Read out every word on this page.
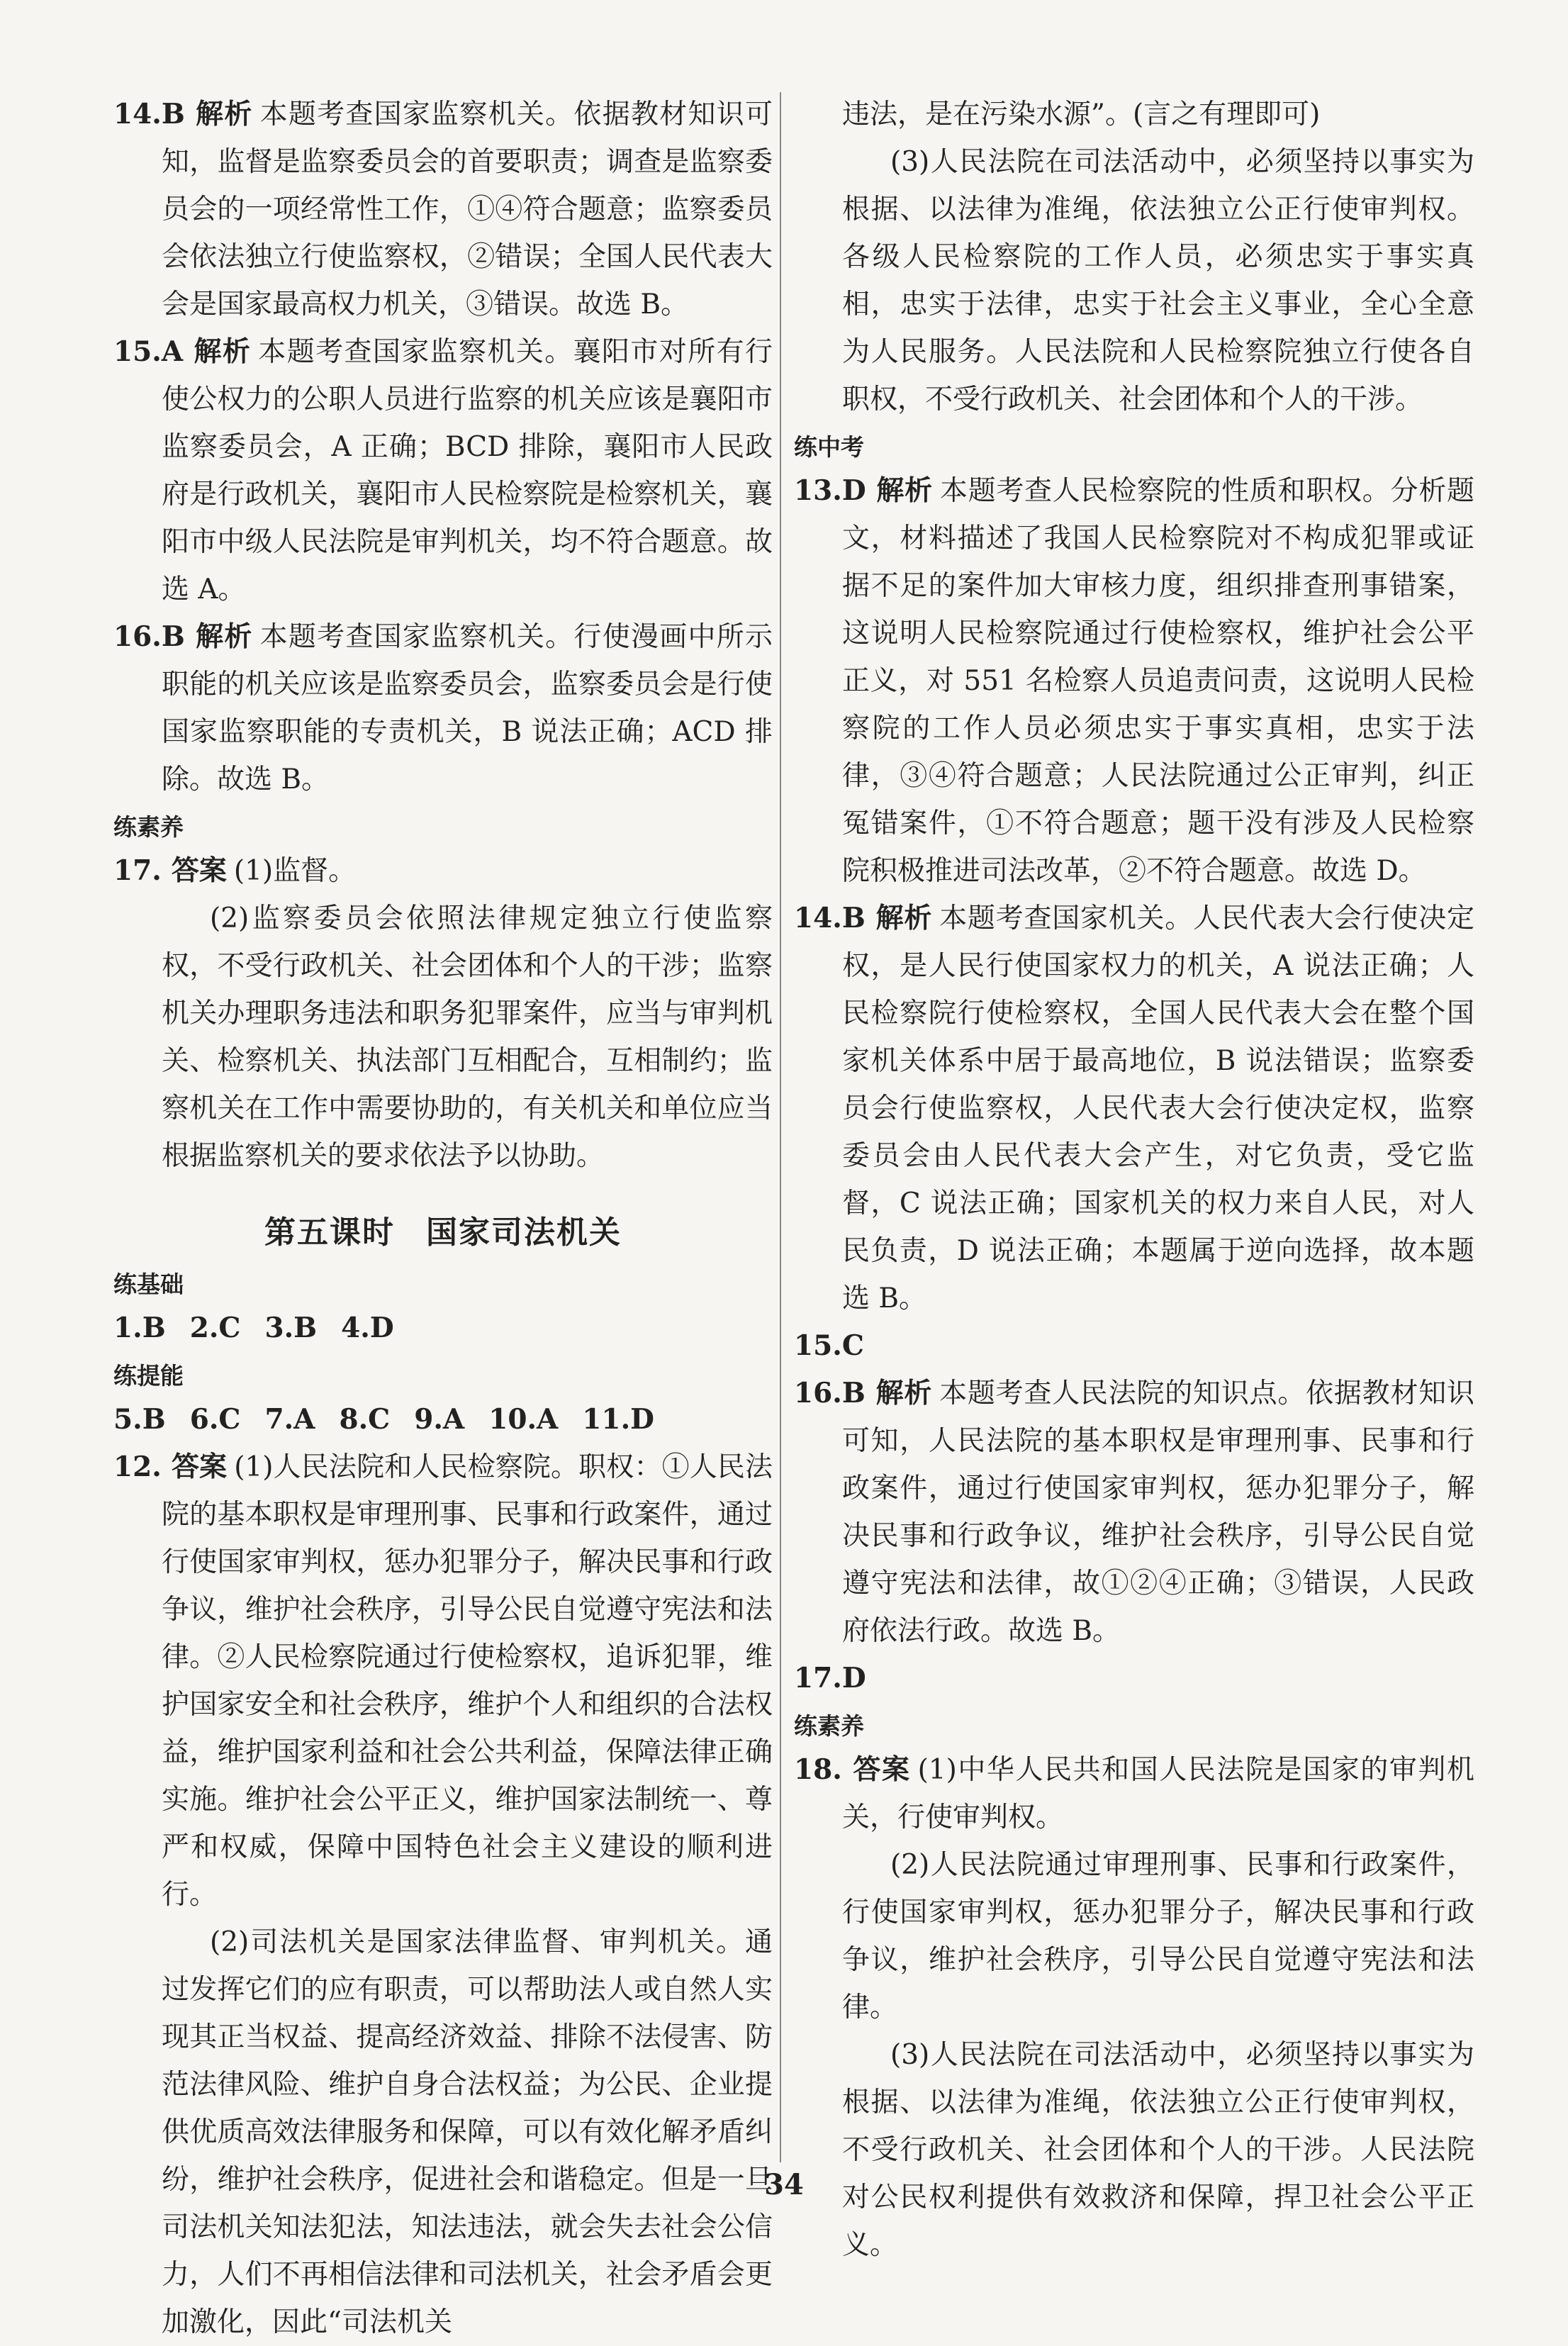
14.B 解析 本题考查国家监察机关。依据教材知识可知，监督是监察委员会的首要职责；调查是监察委员会的一项经常性工作，①④符合题意；监察委员会依法独立行使监察权，②错误；全国人民代表大会是国家最高权力机关，③错误。故选 B。

15.A 解析 本题考查国家监察机关。襄阳市对所有行使公权力的公职人员进行监察的机关应该是襄阳市监察委员会，A 正确；BCD 排除，襄阳市人民政府是行政机关，襄阳市人民检察院是检察机关，襄阳市中级人民法院是审判机关，均不符合题意。故选 A。

16.B 解析 本题考查国家监察机关。行使漫画中所示职能的机关应该是监察委员会，监察委员会是行使国家监察职能的专责机关，B 说法正确；ACD 排除。故选 B。

练素养

17. 答案 (1)监督。

(2)监察委员会依照法律规定独立行使监察权，不受行政机关、社会团体和个人的干涉；监察机关办理职务违法和职务犯罪案件，应当与审判机关、检察机关、执法部门互相配合，互相制约；监察机关在工作中需要协助的，有关机关和单位应当根据监察机关的要求依法予以协助。

第五课时 国家司法机关

练基础

1.B 2.C 3.B 4.D

练提能

5.B 6.C 7.A 8.C 9.A 10.A 11.D

12. 答案 (1)人民法院和人民检察院。职权：①人民法院的基本职权是审理刑事、民事和行政案件，通过行使国家审判权，惩办犯罪分子，解决民事和行政争议，维护社会秩序，引导公民自觉遵守宪法和法律。②人民检察院通过行使检察权，追诉犯罪，维护国家安全和社会秩序，维护个人和组织的合法权益，维护国家利益和社会公共利益，保障法律正确实施。维护社会公平正义，维护国家法制统一、尊严和权威，保障中国特色社会主义建设的顺利进行。

(2)司法机关是国家法律监督、审判机关。通过发挥它们的应有职责，可以帮助法人或自然人实现其正当权益、提高经济效益、排除不法侵害、防范法律风险、维护自身合法权益；为公民、企业提供优质高效法律服务和保障，可以有效化解矛盾纠纷，维护社会秩序，促进社会和谐稳定。但是一旦司法机关知法犯法，知法违法，就会失去社会公信力，人们不再相信法律和司法机关，社会矛盾会更加激化，因此“司法机关

违法，是在污染水源”。(言之有理即可)

(3)人民法院在司法活动中，必须坚持以事实为根据、以法律为准绳，依法独立公正行使审判权。各级人民检察院的工作人员，必须忠实于事实真相，忠实于法律，忠实于社会主义事业，全心全意为人民服务。人民法院和人民检察院独立行使各自职权，不受行政机关、社会团体和个人的干涉。

练中考

13.D 解析 本题考查人民检察院的性质和职权。分析题文，材料描述了我国人民检察院对不构成犯罪或证据不足的案件加大审核力度，组织排查刑事错案，这说明人民检察院通过行使检察权，维护社会公平正义，对 551 名检察人员追责问责，这说明人民检察院的工作人员必须忠实于事实真相，忠实于法律，③④符合题意；人民法院通过公正审判，纠正冤错案件，①不符合题意；题干没有涉及人民检察院积极推进司法改革，②不符合题意。故选 D。

14.B 解析 本题考查国家机关。人民代表大会行使决定权，是人民行使国家权力的机关，A 说法正确；人民检察院行使检察权，全国人民代表大会在整个国家机关体系中居于最高地位，B 说法错误；监察委员会行使监察权，人民代表大会行使决定权，监察委员会由人民代表大会产生，对它负责，受它监督，C 说法正确；国家机关的权力来自人民，对人民负责，D 说法正确；本题属于逆向选择，故本题选 B。

15.C

16.B 解析 本题考查人民法院的知识点。依据教材知识可知，人民法院的基本职权是审理刑事、民事和行政案件，通过行使国家审判权，惩办犯罪分子，解决民事和行政争议，维护社会秩序，引导公民自觉遵守宪法和法律，故①②④正确；③错误，人民政府依法行政。故选 B。

17.D

练素养

18. 答案 (1)中华人民共和国人民法院是国家的审判机关，行使审判权。

(2)人民法院通过审理刑事、民事和行政案件，行使国家审判权，惩办犯罪分子，解决民事和行政争议，维护社会秩序，引导公民自觉遵守宪法和法律。

(3)人民法院在司法活动中，必须坚持以事实为根据、以法律为准绳，依法独立公正行使审判权，不受行政机关、社会团体和个人的干涉。人民法院对公民权利提供有效救济和保障，捍卫社会公平正义。

34
